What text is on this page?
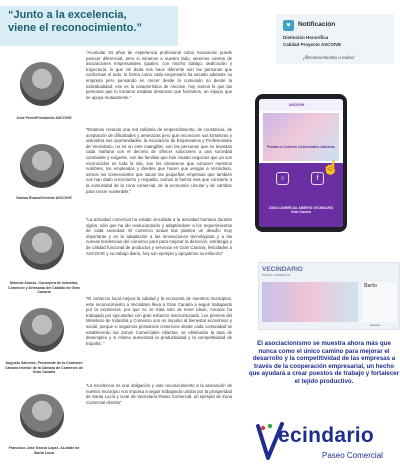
“Junto a la excelencia,
viene el reconocimiento.”
José Perez/Presidente ASCOIVE

“Acumular 34 años de experiencia profesional como Asociación puede parecer diferencial, pero si miramos a nuestro lado, veremos cientos de asociaciones empresariales iguales, con mucho trabajo, dedicación y trayectoria, lo que sin duda nos hace diferente son las personas que conforman el todo, la forma como cada empresario ha sacado adelante su empresa pero pensando en crecer desde la comunión no desde la individualidad, ese es la característica de Ascoive, hoy somos lo que las personas que lo iniciaron estaban deseosos que fuéramos, un equipo que se apoya mutuamente.”

Sabina Ruano/Gerente ASCOIVE

“Estamos creando una red solidaria de emprendimiento, de constancia, de aceptación de dificultades y amenazas pero que reconocen sus fortalezas y vislumbra sus oportunidades, la Asociación de Empresarios y Profesionales de Vecindario, no es un ente intangible, son las personas que se levantan cada mañana con el decreto de ofrecer soluciones a una sociedad cambiante y exigente, son las familias que han creado negocios que ya son reconocidos en toda la isla, son los camareros que conocen nuestros nombres, los empleados y clientes que hacen que vengas a Vecindario, somos los comerciantes que sacan las pequeñas empresas que también nos han dado crecimiento y respaldo, somos la fuerza viva que convierte a la comunidad de la zona comercial, de la economía circular y de cambiar para crecer sostenible.”

Minerva Alonso, Consejera de Industria, Comercio y Artesanía del Cabildo de Gran Canaria

“La actividad comercial ha estado vinculada a la actividad humana durante siglos, sólo que ha ido evolucionando y adaptándose a los requerimientos de cada sociedad. El comercio actual has plantea un desafío muy importante y es la adaptación a las innovaciones tecnológicas y a las nuevas tendencias del comercio para para mejorar la dirección, estrategia y de calidad funcional de productos y servicios en Gran Canaria, felicidades a ASCOIVE y su trabajo diario, hoy son ejemplo y apoyamos su esfuerzo”

Augusto Sánchez, Presidente de la Comisión Cámara Interior de la Cámara de Comercio de Gran Canaria

“El comercio local mejora la calidad y la economía de nuestros municipios, este reconocimiento a Vecindario lleva a Gran Canaria a seguir trabajando por la excelencia, por que no se trata solo de tener ideas, Ascoive ha trabajado por ejecutarlas con gran esfuerzo mancomunado. Los premios del Ministerio de Industria y Comercio son un impulso al bienestar económico y social, porque si seguimos pensamos comercios desde cada comunidad se establecerán las Zonas Comerciales Abiertas, se eliminarán la tasa de desempleo y si mismo aumentará la productividad y la competitividad de España. ”

Francisco José García López, ALcalde de Santa Lucía

“La excelencia es una obligación y este reconocimiento a la asociación de nuestro municipio nos impulsa a seguir trabajando unidos por la prosperidad de Santa Lucía y crear de Vecindario Paseo Comercial, un ejemplo de Zona Comercial Abierta”

♥	Notificación
Distinción Honorífica
Calidad Proyecto ASCOIVE
¡Reconocimiento a todos!
ascoive
Premio a Centros Comerciales Abiertos
○	f
ZONA COMERCIAL ABIERTA VECINDARIO
Gran Canaria
☝
VECINDARIO
PASEO COMERCIAL
Barto
ascoive

El asociacionismo se muestra ahora más que nunca como el único camino para mejorar el desarrollo y la competitividad de las empresas a través de la cooperación empresarial, un hecho que ayudará a crear puestos de trabajo y fortalecer el tejido productivo.

ecindario
Paseo Comercial
